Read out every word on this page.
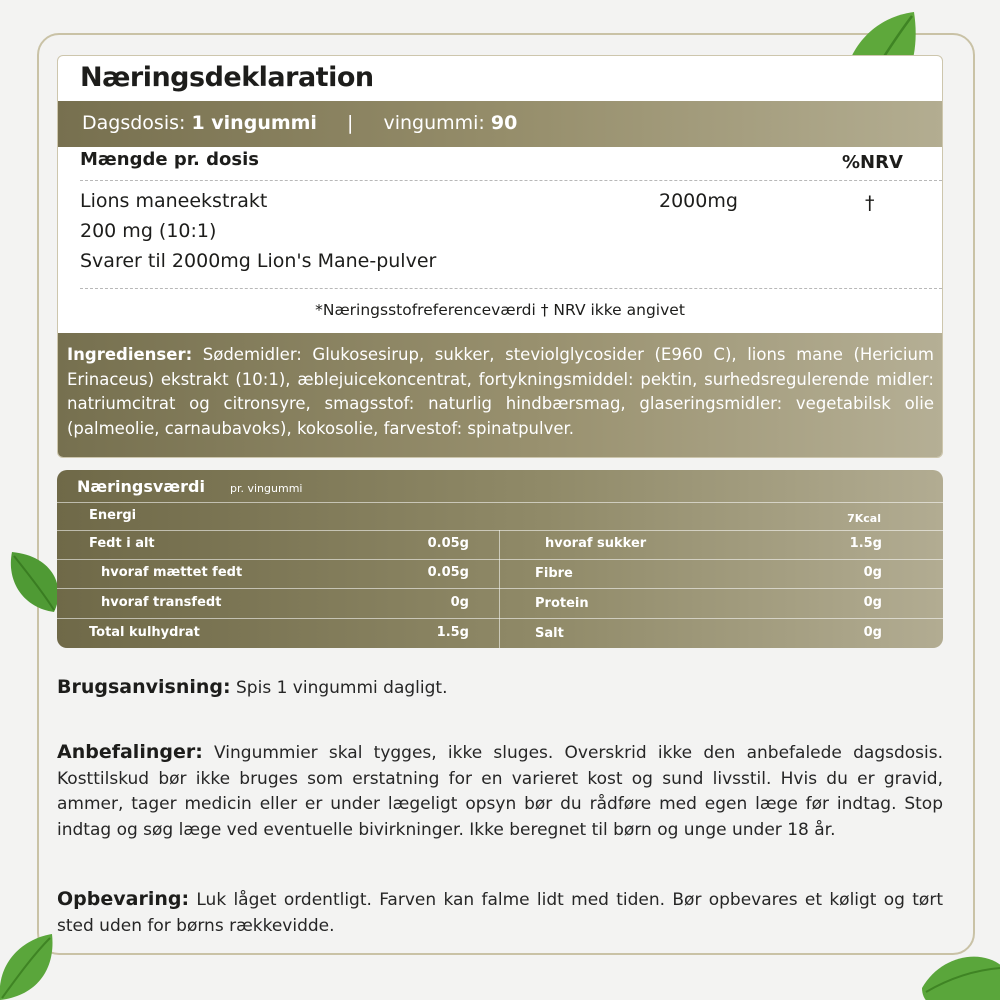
Næringsdeklaration
Dagsdosis: 1 vingummi | vingummi: 90
Mængde pr. dosis	%NRV
Lions maneekstrakt
200 mg (10:1)
Svarer til 2000mg Lion's Mane-pulver
2000mg	†
*Næringsstofreferenceværdi † NRV ikke angivet
Ingredienser: Sødemidler: Glukosesirup, sukker, steviolglycosider (E960 C), lions mane (Hericium Erinaceus) ekstrakt (10:1), æblejuicekoncentrat, fortykningsmiddel: pektin, surhedsregulerende midler: natriumcitrat og citronsyre, smagsstof: naturlig hindbærsmag, glaseringsmidler: vegetabilsk olie (palmeolie, carnaubavoks), kokosolie, farvestof: spinatpulver.
Næringsværdi pr. vingummi
Energi	7Kcal
Fedt i alt	0.05g
hvoraf mættet fedt	0.05g
hvoraf transfedt	0g
Total kulhydrat	1.5g
hvoraf sukker	1.5g
Fibre	0g
Protein	0g
Salt	0g
Brugsanvisning: Spis 1 vingummi dagligt.
Anbefalinger: Vingummier skal tygges, ikke sluges. Overskrid ikke den anbefalede dagsdosis. Kosttilskud bør ikke bruges som erstatning for en varieret kost og sund livsstil. Hvis du er gravid, ammer, tager medicin eller er under lægeligt opsyn bør du rådføre med egen læge før indtag. Stop indtag og søg læge ved eventuelle bivirkninger. Ikke beregnet til børn og unge under 18 år.
Opbevaring: Luk låget ordentligt. Farven kan falme lidt med tiden. Bør opbevares et køligt og tørt sted uden for børns rækkevidde.
